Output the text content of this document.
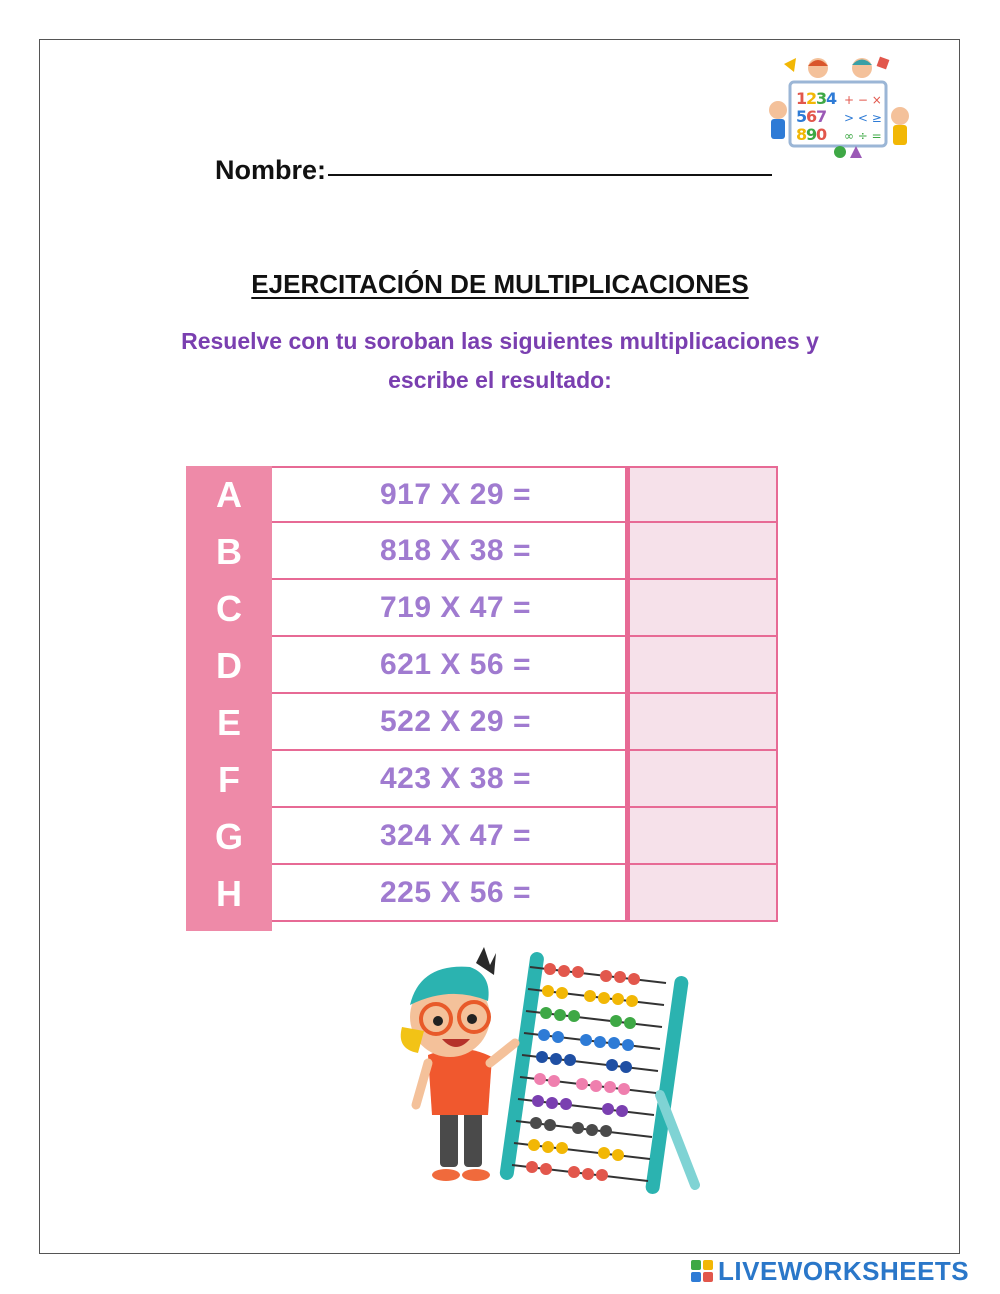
1
2
3
4
5
6
7
8
9
0
+ − ×
> < ≥
∞ ÷ =
Nombre:
EJERCITACIÓN DE MULTIPLICACIONES
Resuelve con tu soroban las siguientes multiplicaciones y
escribe el resultado:
A	917 X 29 =
B	818 X 38 =
C	719 X 47 =
D	621 X 56 =
E	522 X 29 =
F	423 X 38 =
G	324 X 47 =
H	225 X 56 =
LIVEWORKSHEETS
